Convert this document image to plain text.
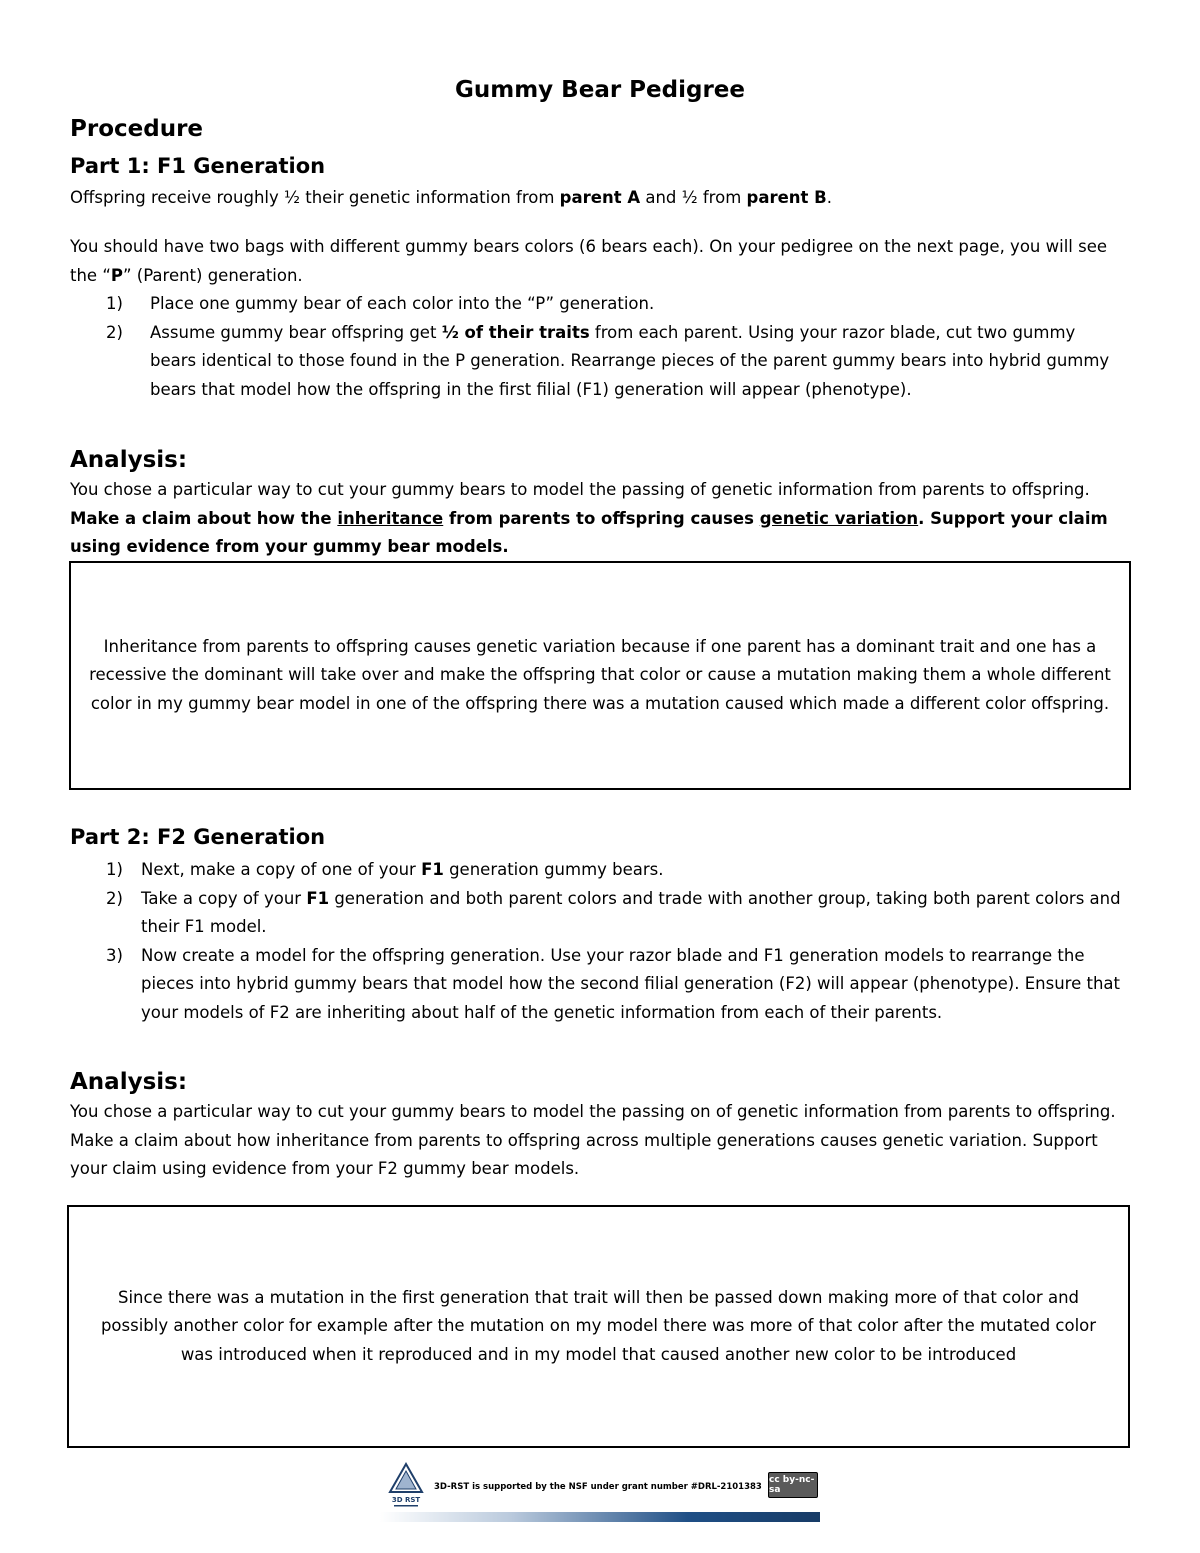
Gummy Bear Pedigree
Procedure
Part 1: F1 Generation
Offspring receive roughly ½ their genetic information from parent A and ½ from parent B.
You should have two bags with different gummy bears colors (6 bears each). On your pedigree on the next page, you will see the “P” (Parent) generation.
1) Place one gummy bear of each color into the “P” generation.
2) Assume gummy bear offspring get ½ of their traits from each parent. Using your razor blade, cut two gummy bears identical to those found in the P generation. Rearrange pieces of the parent gummy bears into hybrid gummy bears that model how the offspring in the first filial (F1) generation will appear (phenotype).
Analysis:
You chose a particular way to cut your gummy bears to model the passing of genetic information from parents to offspring. Make a claim about how the inheritance from parents to offspring causes genetic variation. Support your claim using evidence from your gummy bear models.
Inheritance from parents to offspring causes genetic variation because if one parent has a dominant trait and one has a recessive the dominant will take over and make the offspring that color or cause a mutation making them a whole different color in my gummy bear model in one of the offspring there was a mutation caused which made a different color offspring.
Part 2: F2 Generation
1) Next, make a copy of one of your F1 generation gummy bears.
2) Take a copy of your F1 generation and both parent colors and trade with another group, taking both parent colors and their F1 model.
3) Now create a model for the offspring generation. Use your razor blade and F1 generation models to rearrange the pieces into hybrid gummy bears that model how the second filial generation (F2) will appear (phenotype). Ensure that your models of F2 are inheriting about half of the genetic information from each of their parents.
Analysis:
You chose a particular way to cut your gummy bears to model the passing on of genetic information from parents to offspring. Make a claim about how inheritance from parents to offspring across multiple generations causes genetic variation. Support your claim using evidence from your F2 gummy bear models.
Since there was a mutation in the first generation that trait will then be passed down making more of that color and possibly another color for example after the mutation on my model there was more of that color after the mutated color was introduced when it reproduced and in my model that caused another new color to be introduced
3D RST
3D-RST is supported by the NSF under grant number #DRL-2101383
cc by-nc-sa
